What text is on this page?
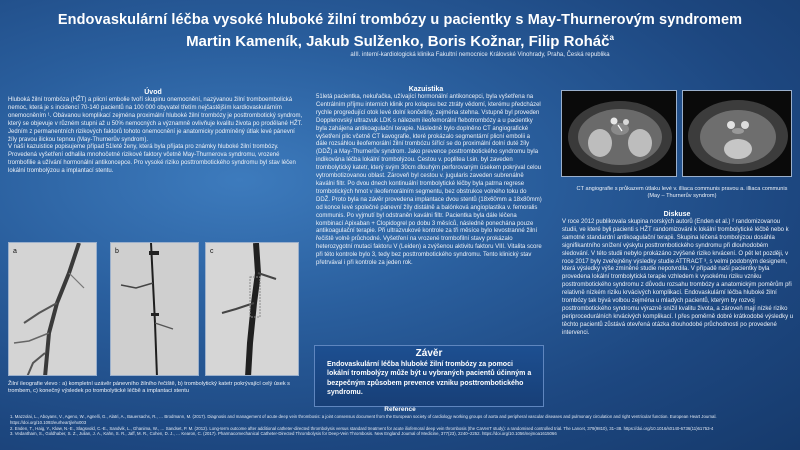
Endovaskulární léčba vysoké hluboké žilní trombózy u pacientky s May-Thurnerovým syndromem
Martin Kameník, Jakub Sulženko, Boris Kožnar, Filip Roháč$^a$
aIII. interní-kardiologická klinika Fakultní nemocnice Královské Vinohrady, Praha, Česká republika
Úvod
Hluboká žilní trombóza (HŽT) a plicní embolie tvoří skupinu onemocnění, nazývanou žilní tromboembolická nemoc, která je s incidencí 70-140 pacientů na 100 000 obyvatel třetím nejčastějším kardiovaskulárním onemocněním ¹. Obávanou komplikací zejména proximální hluboké žilní trombózy je posttrombotický syndrom, který se objevuje v různém stupni až u 50% nemocných a významně ovlivňuje kvalitu života po prodělané HŽT. Jedním z permanentních rizikových faktorů tohoto onemocnění je anatomicky podmíněný útlak levé pánevní žíly pravou ilickou tepnou (May-Thurnerův syndrom).
V naší kazuistice popisujeme případ 51leté ženy, která byla přijata pro známky hluboké žilní trombózy. Provedená vyšetření odhalila mnohočetné rizikové faktory včetně May-Thurnerova syndromu, vrozené trombofilie a užívání hormonální antikoncepce. Pro vysoké riziko posttrombotického syndromu byl stav léčen lokální trombolýzou a implantací stentu.
a	b	c
Žilní ileografie vlevo : a) kompletní uzávěr pánevního žilního řečiště, b) trombolytický katetr pokrývající celý úsek s trombem, c) konečný výsledek po trombolytické léčbě a implantaci stentu
Kazuistika
51letá pacientka, nekuřačka, užívající hormonální antikoncepci, byla vyšetřena na Centrálním příjmu internich klinik pro kolapsu bez ztráty vědomí, kterému předcházel rychle progredující otok levé dolní končetiny, zejména stehna. Vstupně byl proveden Dopplerovský ultrazvuk LDK s nálezem ileofemorální flebotrombózy a u pacientky byla zahájena antikoagulační terapie. Následně bylo doplněno CT angiografické vyšetření plic včetně CT kavografie, které prokázalo segmentární plicní embolii a dále rozsáhlou ileofemorální žilní trombózu šířící se do proximální dolní duté žíly (DDŽ) a May-Thurnerův syndrom. Jako prevence posttrombotického syndromu byla indikována léčba lokální trombolýzou. Cestou v. popliteа l.sin. byl zaveden trombolytický katetr, který svým 30cm dlouhým perforovaným úsekem pokrýval celou vytrombotizovanou oblast. Zároveň byl cestou v. jugularis zaveden subrenálně kaválni filtr. Po dvou dnech kontinuální trombolytické léčby byla patrna regrese trombotických hmot v ileofemorálním segmentu, bez obstrukce volného toku do DDŽ. Proto byla na závěr provedena implantace dvou stentů (18x60mm a 18x80mm) od konce levé společné pánevní žíly distálně a balónková angioplastika v. femoralis communis. Po vyjmutí byl odstraněn kaválni filtr. Pacientka byla dále léčena kombinací Apixaban + Clopidogrel po dobu 3 měsíců, následně ponechána pouze antikoagulační terapie. Při ultrazvukové kontrole za tři měsíce bylo levostranné žilní řečiště volně průchodné. Vyšetření na vrozené trombofilní stavy prokázalo heterozygotní mutaci faktoru V (Leiden) a zvýšenou aktivitu faktoru VIII. Vitalita score při této kontrole bylo 3, tedy bez posttrombotického syndromu. Tento klinický stav přetrvával i při kontrole za jeden rok.
Závěr
Endovaskulární léčba hluboké žilní trombózy za pomoci lokální trombolýzy může být u vybraných pacientů účinným a bezpečným způsobem prevence vzniku posttrombotického syndromu.
CT angiografie s průkazem útlaku levé v. illiaca communis pravou a. illiaca communis (May – Thurnerův syndrom)
Diskuse
V roce 2012 publikovala skupina norských autorů (Enden et al.) ² randomizovanou studii, ve které byli pacienti s HŽT randomizováni k lokální trombolytické léčbě nebo k samotné standardní antikoagulační terapii. Skupina léčená trombolýzou dosáhla signifikantního snížení výskytu posttrombotického syndromu při dlouhodobém sledování. V této studii nebylo prokázáno zvýšené riziko krvácení. O pět let později, v roce 2017 byly zveřejněny výsledky studie ATTRACT ³, s velmi podobným designem, která výsledky výše zmíněné studie nepotvrdila. V případě naší pacientky byla provedena lokální trombolytická terapie vzhledem k vysokému riziku vzniku posttrombotického syndromu z důvodu rozsahu trombózy a anatomickým poměrům při relativně nízkém riziku krvácivých komplikací. Endovaskulární léčba hluboké žilní trombózy tak bývá volbou zejména u mladých pacientů, kterým by rozvoj posttrombotického syndromu výrazně snížil kvalitu života, a zároveň mají nízké riziko periprocedurálních krvácivých komplikací. I přes poměrně dobré krátkodobé výsledky u těchto pacientů zůstává otevřená otázka dlouhodobé průchodnosti po provedené intervenci.
Reference
1. Mazzolai, L., Aboyans, V., Ageno, W., Agnelli, G., Alatri, A., Bauersachs, R., … Brodmann, M. (2017). Diagnosis and management of acute deep vein thrombosis: a joint consensus document from the European society of cardiology working groups of aorta and peripheral vascular diseases and pulmonary circulation and right ventricular function. European Heart Journal. https://doi.org/10.1093/eurheartj/ehx003
2. Enden, T., Haig, Y., Kløw, N.-E., Slagsvold, C.-E., Sandvik, L., Ghanima, W., … Sandset, P. M. (2012). Long-term outcome after additional catheter-directed thrombolysis versus standard treatment for acute iliofemoral deep vein thrombosis (the CaVenT study): a randomised controlled trial. The Lancet, 379(9810), 31–38. https://doi.org/10.1016/s0140-6736(11)61753-4
3. Vedantham, S., Goldhaber, S. Z., Julian, J. A., Kahn, S. R., Jaff, M. R., Cohen, D. J., … Kearon, C. (2017). Pharmacomechanical Catheter-Directed Thrombolysis for Deep-Vein Thrombosis. New England Journal of Medicine, 377(23), 2240–2252. https://doi.org/10.1056/nejmoa1615066
